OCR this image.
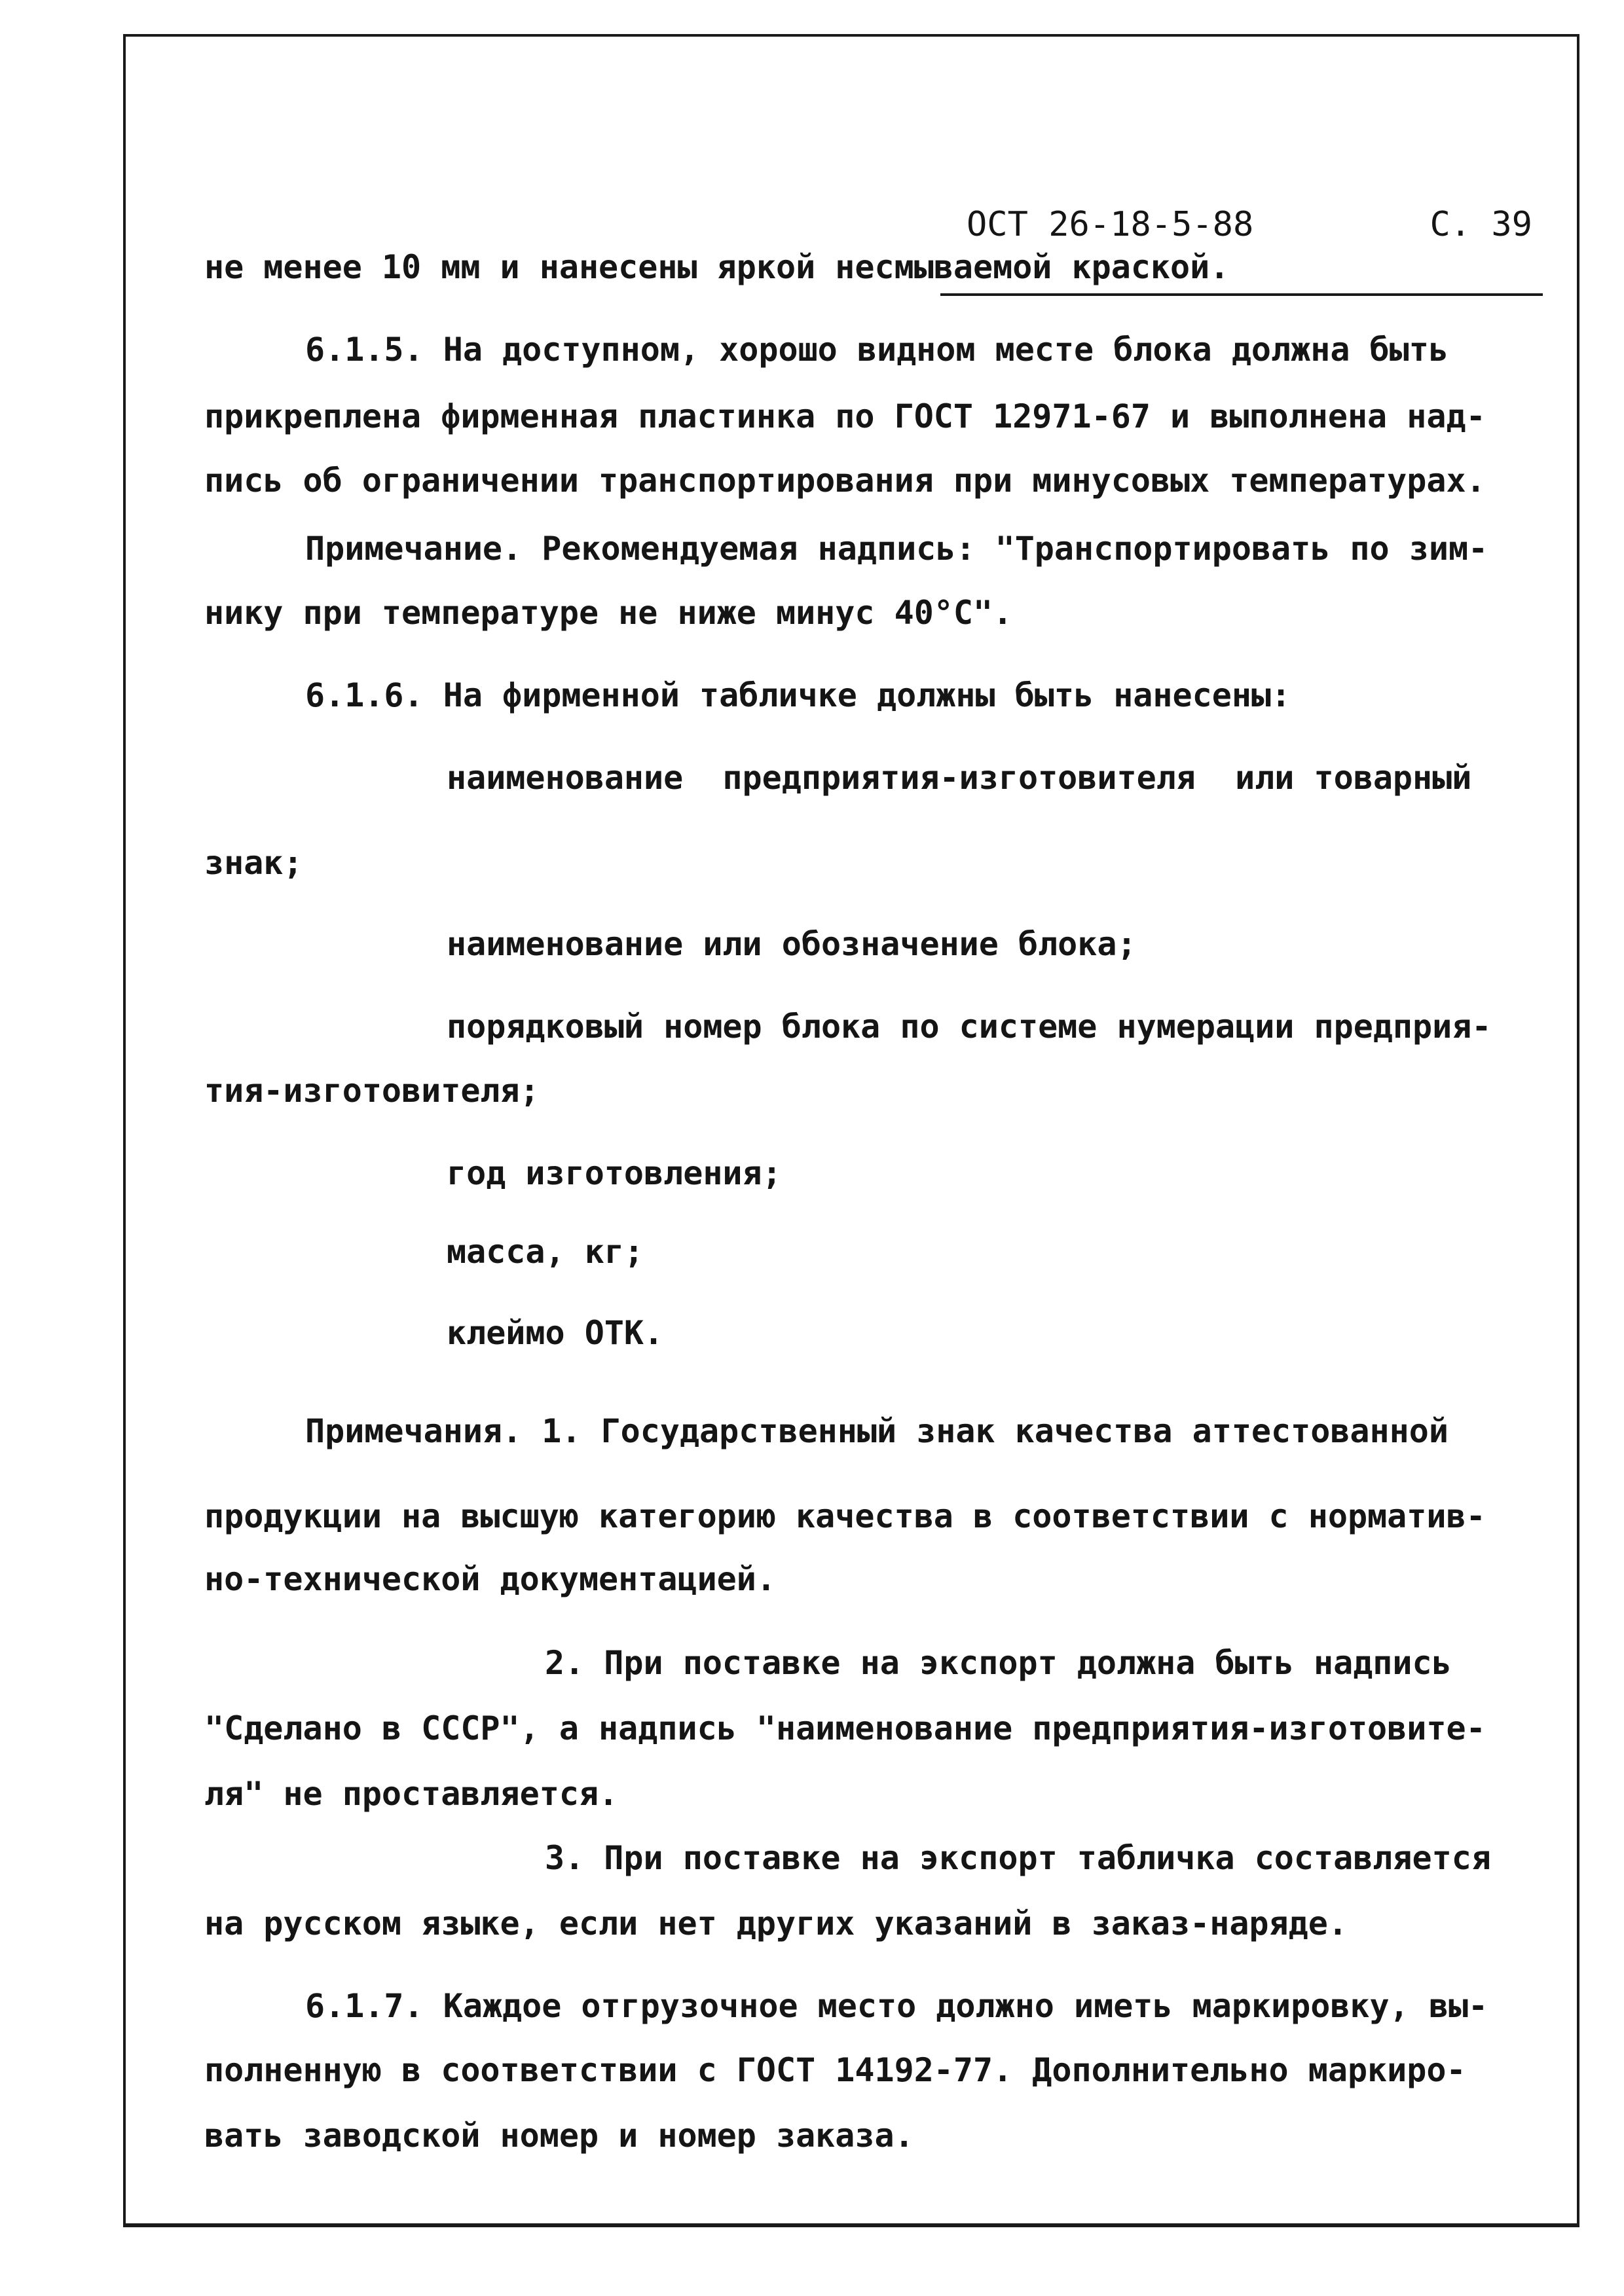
ОСТ 26-18-5-88

	С. 39

не менее 10 мм и нанесены яркой несмываемой краской.
6.1.5. На доступном, хорошо видном месте блока должна быть
прикреплена фирменная пластинка по ГОСТ 12971-67 и выполнена над-
пись об ограничении транспортирования при минусовых температурах.
Примечание. Рекомендуемая надпись: "Транспортировать по зим-
нику при температуре не ниже минус 40°С".
6.1.6. На фирменной табличке должны быть нанесены:
наименование  предприятия-изготовителя  или товарный
знак;
наименование или обозначение блока;
порядковый номер блока по системе нумерации предприя-
тия-изготовителя;
год изготовления;
масса, кг;
клеймо ОТК.
Примечания. 1. Государственный знак качества аттестованной
продукции на высшую категорию качества в соответствии с норматив-
но-технической документацией.
2. При поставке на экспорт должна быть надпись
"Сделано в СССР", а надпись "наименование предприятия-изготовите-
ля" не проставляется.
3. При поставке на экспорт табличка составляется
на русском языке, если нет других указаний в заказ-наряде.
6.1.7. Каждое отгрузочное место должно иметь маркировку, вы-
полненную в соответствии с ГОСТ 14192-77. Дополнительно маркиро-
вать заводской номер и номер заказа.
